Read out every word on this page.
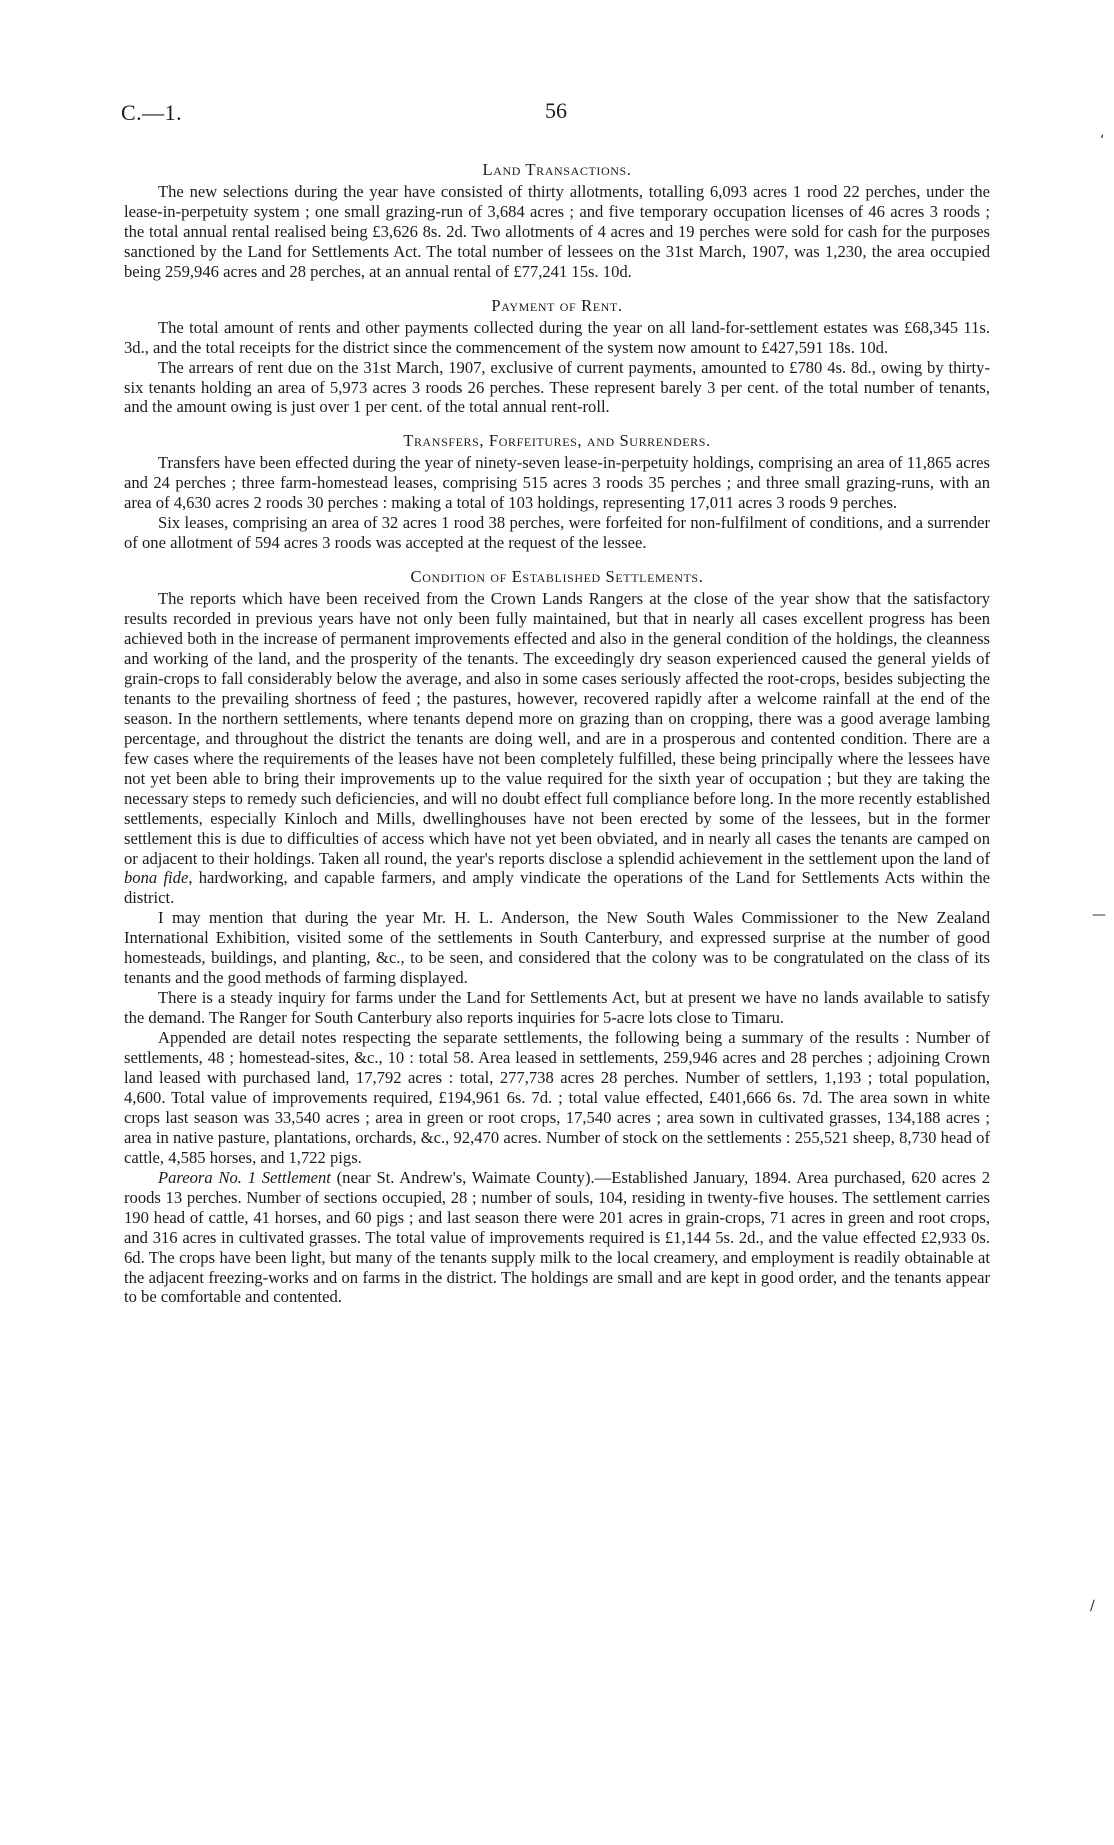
C.—1.	56
‘
—
∕
Land Transactions.

The new selections during the year have consisted of thirty allotments, totalling 6,093 acres 1 rood 22 perches, under the lease-in-perpetuity system ; one small grazing-run of 3,684 acres ; and five temporary occupation licenses of 46 acres 3 roods ; the total annual rental realised being £3,626 8s. 2d. Two allotments of 4 acres and 19 perches were sold for cash for the purposes sanctioned by the Land for Settlements Act. The total number of lessees on the 31st March, 1907, was 1,230, the area occupied being 259,946 acres and 28 perches, at an annual rental of £77,241 15s. 10d.

Payment of Rent.

The total amount of rents and other payments collected during the year on all land-for-settlement estates was £68,345 11s. 3d., and the total receipts for the district since the commencement of the system now amount to £427,591 18s. 10d.

The arrears of rent due on the 31st March, 1907, exclusive of current payments, amounted to £780 4s. 8d., owing by thirty-six tenants holding an area of 5,973 acres 3 roods 26 perches. These represent barely 3 per cent. of the total number of tenants, and the amount owing is just over 1 per cent. of the total annual rent-roll.

Transfers, Forfeitures, and Surrenders.

Transfers have been effected during the year of ninety-seven lease-in-perpetuity holdings, comprising an area of 11,865 acres and 24 perches ; three farm-homestead leases, comprising 515 acres 3 roods 35 perches ; and three small grazing-runs, with an area of 4,630 acres 2 roods 30 perches : making a total of 103 holdings, representing 17,011 acres 3 roods 9 perches.

Six leases, comprising an area of 32 acres 1 rood 38 perches, were forfeited for non-fulfilment of conditions, and a surrender of one allotment of 594 acres 3 roods was accepted at the request of the lessee.

Condition of Established Settlements.

The reports which have been received from the Crown Lands Rangers at the close of the year show that the satisfactory results recorded in previous years have not only been fully maintained, but that in nearly all cases excellent progress has been achieved both in the increase of permanent improvements effected and also in the general condition of the holdings, the cleanness and working of the land, and the prosperity of the tenants. The exceedingly dry season experienced caused the general yields of grain-crops to fall considerably below the average, and also in some cases seriously affected the root-crops, besides subjecting the tenants to the prevailing shortness of feed ; the pastures, however, recovered rapidly after a welcome rainfall at the end of the season. In the northern settlements, where tenants depend more on grazing than on cropping, there was a good average lambing percentage, and throughout the district the tenants are doing well, and are in a prosperous and contented condition. There are a few cases where the requirements of the leases have not been completely fulfilled, these being principally where the lessees have not yet been able to bring their improvements up to the value required for the sixth year of occupation ; but they are taking the necessary steps to remedy such deficiencies, and will no doubt effect full compliance before long. In the more recently established settlements, especially Kinloch and Mills, dwellinghouses have not been erected by some of the lessees, but in the former settlement this is due to difficulties of access which have not yet been obviated, and in nearly all cases the tenants are camped on or adjacent to their holdings. Taken all round, the year's reports disclose a splendid achievement in the settlement upon the land of bona fide, hardworking, and capable farmers, and amply vindicate the operations of the Land for Settlements Acts within the district.

I may mention that during the year Mr. H. L. Anderson, the New South Wales Commissioner to the New Zealand International Exhibition, visited some of the settlements in South Canterbury, and expressed surprise at the number of good homesteads, buildings, and planting, &c., to be seen, and considered that the colony was to be congratulated on the class of its tenants and the good methods of farming displayed.

There is a steady inquiry for farms under the Land for Settlements Act, but at present we have no lands available to satisfy the demand. The Ranger for South Canterbury also reports inquiries for 5-acre lots close to Timaru.

Appended are detail notes respecting the separate settlements, the following being a summary of the results : Number of settlements, 48 ; homestead-sites, &c., 10 : total 58. Area leased in settlements, 259,946 acres and 28 perches ; adjoining Crown land leased with purchased land, 17,792 acres : total, 277,738 acres 28 perches. Number of settlers, 1,193 ; total population, 4,600. Total value of improvements required, £194,961 6s. 7d. ; total value effected, £401,666 6s. 7d. The area sown in white crops last season was 33,540 acres ; area in green or root crops, 17,540 acres ; area sown in cultivated grasses, 134,188 acres ; area in native pasture, plantations, orchards, &c., 92,470 acres. Number of stock on the settlements : 255,521 sheep, 8,730 head of cattle, 4,585 horses, and 1,722 pigs.

Pareora No. 1 Settlement (near St. Andrew's, Waimate County).—Established January, 1894. Area purchased, 620 acres 2 roods 13 perches. Number of sections occupied, 28 ; number of souls, 104, residing in twenty-five houses. The settlement carries 190 head of cattle, 41 horses, and 60 pigs ; and last season there were 201 acres in grain-crops, 71 acres in green and root crops, and 316 acres in cultivated grasses. The total value of improvements required is £1,144 5s. 2d., and the value effected £2,933 0s. 6d. The crops have been light, but many of the tenants supply milk to the local creamery, and employment is readily obtainable at the adjacent freezing-works and on farms in the district. The holdings are small and are kept in good order, and the tenants appear to be comfortable and contented.
